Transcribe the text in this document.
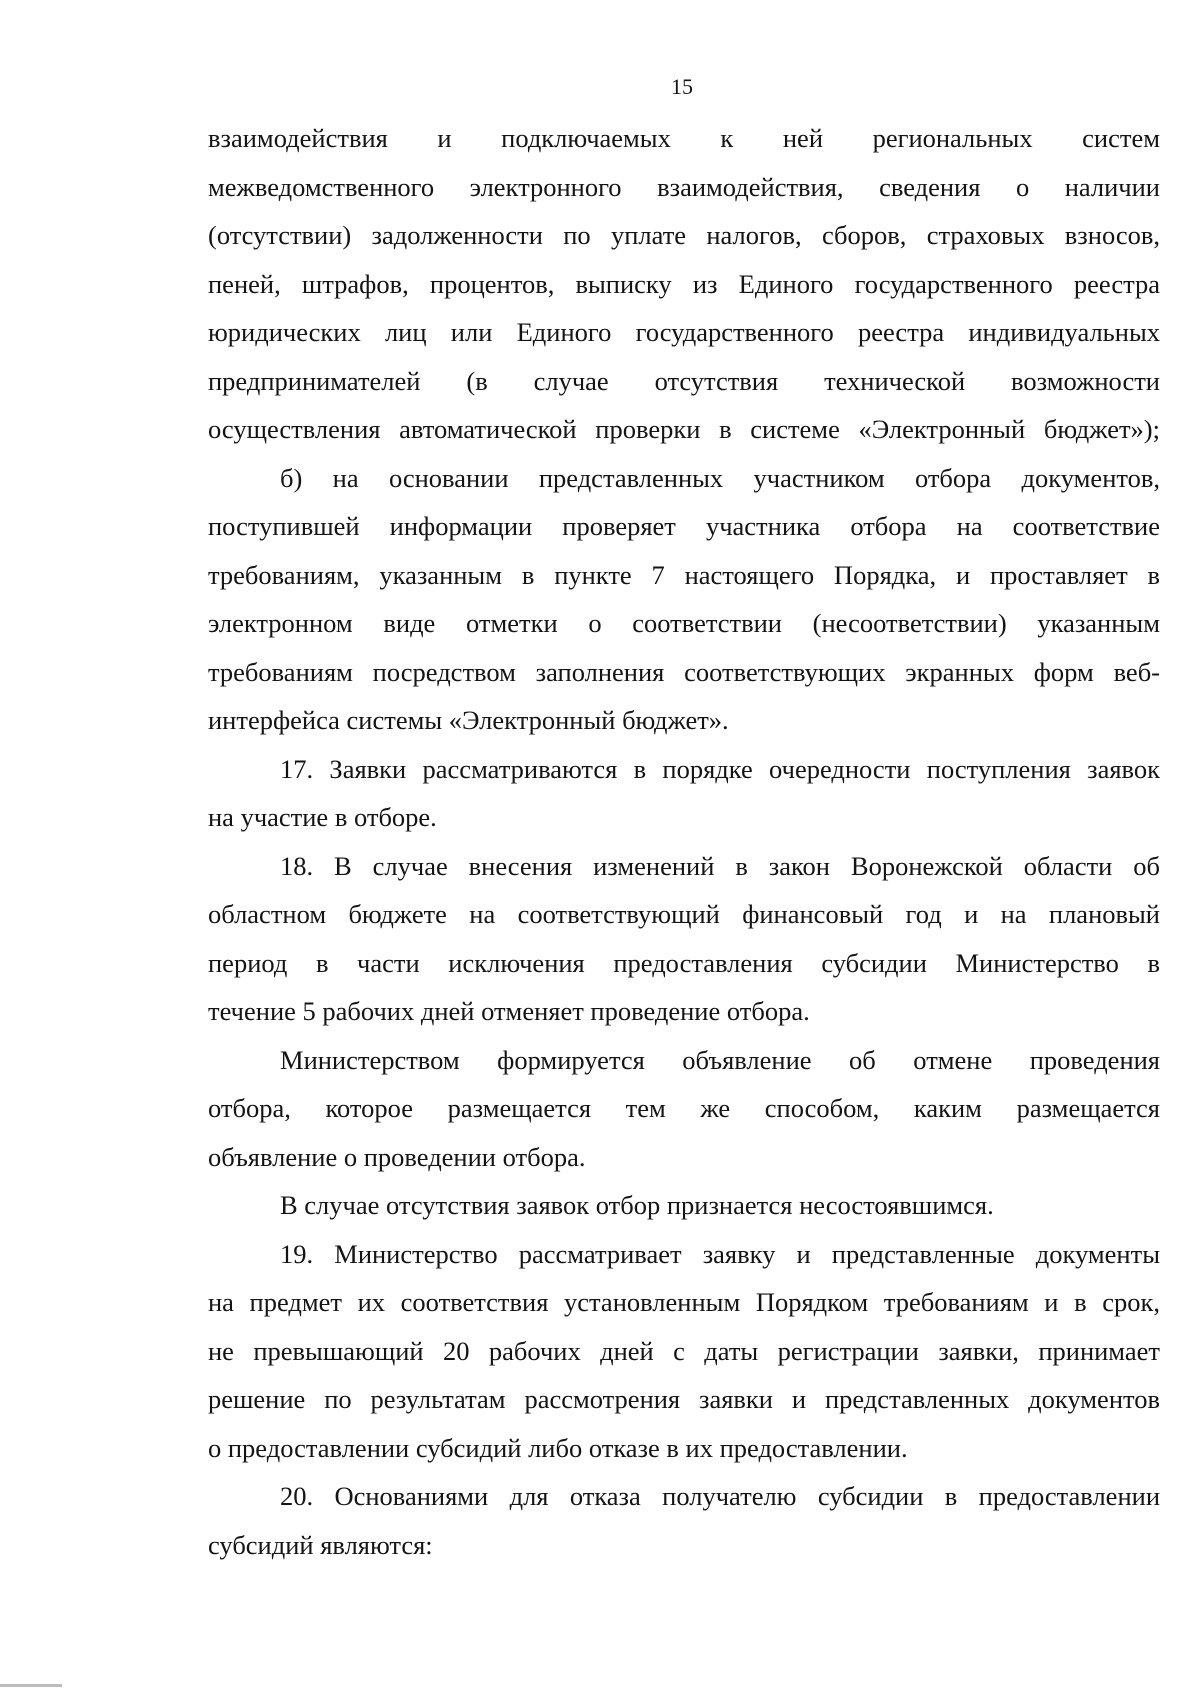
15
взаимодействия и подключаемых к ней региональных систем
межведомственного электронного взаимодействия, сведения о наличии
(отсутствии) задолженности по уплате налогов, сборов, страховых взносов,
пеней, штрафов, процентов, выписку из Единого государственного реестра
юридических лиц или Единого государственного реестра индивидуальных
предпринимателей (в случае отсутствия технической возможности
осуществления автоматической проверки в системе «Электронный бюджет»);
б) на основании представленных участником отбора документов,
поступившей информации проверяет участника отбора на соответствие
требованиям, указанным в пункте 7 настоящего Порядка, и проставляет в
электронном виде отметки о соответствии (несоответствии) указанным
требованиям посредством заполнения соответствующих экранных форм веб-
интерфейса системы «Электронный бюджет».
17. Заявки рассматриваются в порядке очередности поступления заявок
на участие в отборе.
18. В случае внесения изменений в закон Воронежской области об
областном бюджете на соответствующий финансовый год и на плановый
период в части исключения предоставления субсидии Министерство в
течение 5 рабочих дней отменяет проведение отбора.
Министерством формируется объявление об отмене проведения
отбора, которое размещается тем же способом, каким размещается
объявление о проведении отбора.
В случае отсутствия заявок отбор признается несостоявшимся.
19. Министерство рассматривает заявку и представленные документы
на предмет их соответствия установленным Порядком требованиям и в срок,
не превышающий 20 рабочих дней с даты регистрации заявки, принимает
решение по результатам рассмотрения заявки и представленных документов
о предоставлении субсидий либо отказе в их предоставлении.
20. Основаниями для отказа получателю субсидии в предоставлении
субсидий являются:
